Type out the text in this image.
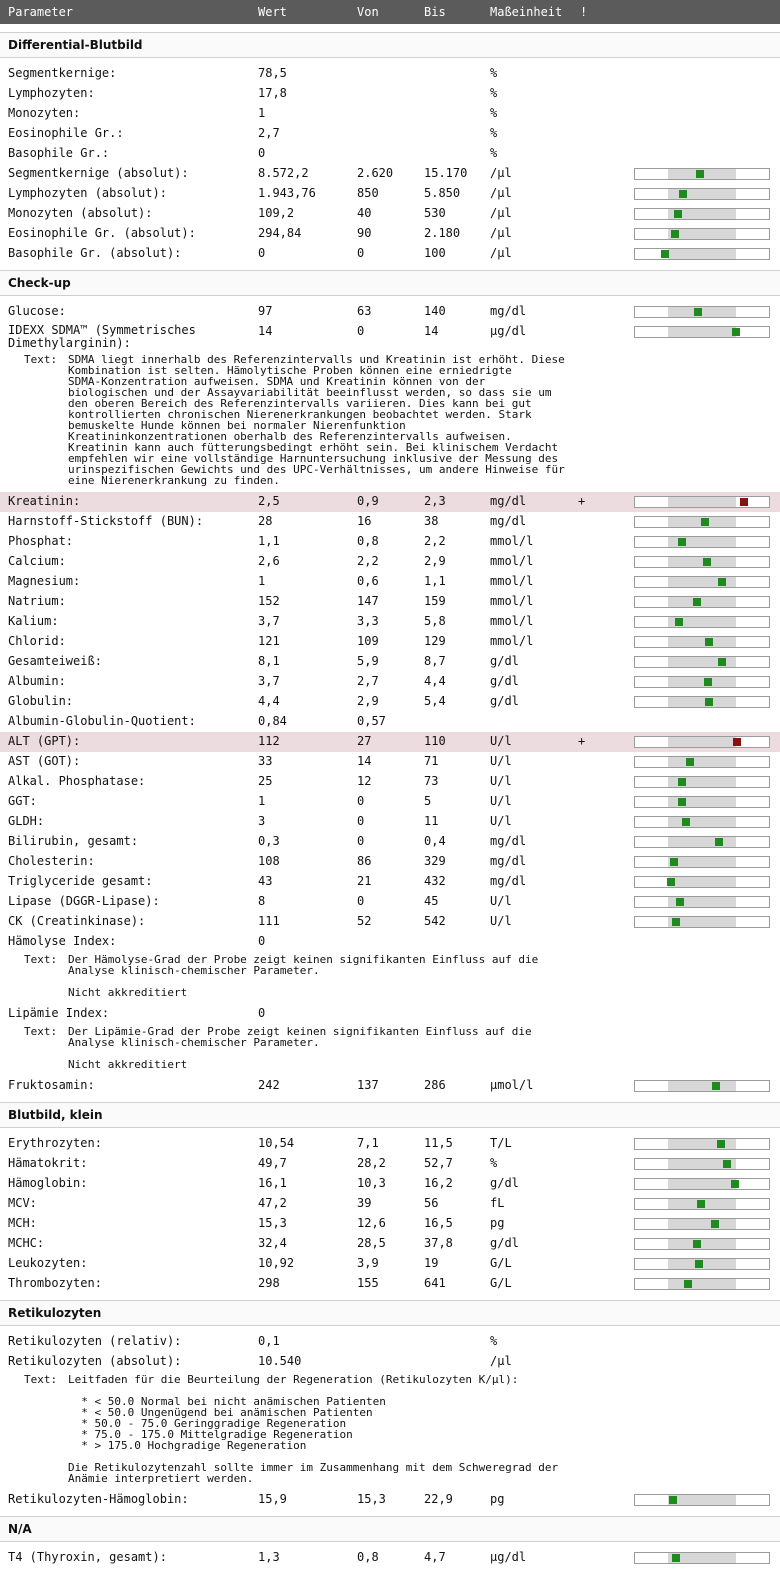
Parameter	Wert	Von	Bis	Maßeinheit !
Differential-Blutbild
Segmentkernige:	78,5	%
Lymphozyten:	17,8	%
Monozyten:	1	%
Eosinophile Gr.:	2,7	%
Basophile Gr.:	0	%
Segmentkernige (absolut):	8.572,2	2.620	15.170 /µl
Lymphozyten (absolut):	1.943,76	850	5.850 /µl
Monozyten (absolut):	109,2	40	530	/µl
Eosinophile Gr. (absolut):	294,84	90	2.180 /µl
Basophile Gr. (absolut):	0	0	100	/µl
Check-up
Glucose:	97	63	140	mg/dl
IDEXX SDMA™ (Symmetrisches
Dimethylarginin):
14	0	14	µg/dl
Text: SDMA liegt innerhalb des Referenzintervalls und Kreatinin ist erhöht. Diese
Kombination ist selten. Hämolytische Proben können eine erniedrigte
SDMA-Konzentration aufweisen. SDMA und Kreatinin können von der
biologischen und der Assayvariabilität beeinflusst werden, so dass sie um
den oberen Bereich des Referenzintervalls variieren. Dies kann bei gut
kontrollierten chronischen Nierenerkrankungen beobachtet werden. Stark
bemuskelte Hunde können bei normaler Nierenfunktion
Kreatininkonzentrationen oberhalb des Referenzintervalls aufweisen.
Kreatinin kann auch fütterungsbedingt erhöht sein. Bei klinischem Verdacht
empfehlen wir eine vollständige Harnuntersuchung inklusive der Messung des
urinspezifischen Gewichts und des UPC-Verhältnisses, um andere Hinweise für
eine Nierenerkrankung zu finden.
Kreatinin:	2,5	0,9	2,3	mg/dl	+
Harnstoff-Stickstoff (BUN):	28	16	38	mg/dl
Phosphat:	1,1	0,8	2,2	mmol/l
Calcium:	2,6	2,2	2,9	mmol/l
Magnesium:	1	0,6	1,1	mmol/l
Natrium:	152	147	159	mmol/l
Kalium:	3,7	3,3	5,8	mmol/l
Chlorid:	121	109	129	mmol/l
Gesamteiweiß:	8,1	5,9	8,7	g/dl
Albumin:	3,7	2,7	4,4	g/dl
Globulin:	4,4	2,9	5,4	g/dl
Albumin-Globulin-Quotient:	0,84	0,57
ALT (GPT):	112	27	110	U/l	+
AST (GOT):	33	14	71	U/l
Alkal. Phosphatase:	25	12	73	U/l
GGT:	1	0	5	U/l
GLDH:	3	0	11	U/l
Bilirubin, gesamt:	0,3	0	0,4	mg/dl
Cholesterin:	108	86	329	mg/dl
Triglyceride gesamt:	43	21	432	mg/dl
Lipase (DGGR-Lipase):	8	0	45	U/l
CK (Creatinkinase):	111	52	542	U/l
Hämolyse Index:	0
Text: Der Hämolyse-Grad der Probe zeigt keinen signifikanten Einfluss auf die
Analyse klinisch-chemischer Parameter.

Nicht akkreditiert
Lipämie Index:	0
Text: Der Lipämie-Grad der Probe zeigt keinen signifikanten Einfluss auf die
Analyse klinisch-chemischer Parameter.

Nicht akkreditiert
Fruktosamin:	242	137	286	µmol/l
Blutbild, klein
Erythrozyten:	10,54	7,1	11,5	T/L
Hämatokrit:	49,7	28,2	52,7	%
Hämoglobin:	16,1	10,3	16,2	g/dl
MCV:	47,2	39	56	fL
MCH:	15,3	12,6	16,5	pg
MCHC:	32,4	28,5	37,8	g/dl
Leukozyten:	10,92	3,9	19	G/L
Thrombozyten:	298	155	641	G/L
Retikulozyten
Retikulozyten (relativ):	0,1	%
Retikulozyten (absolut):	10.540	/µl
Text: Leitfaden für die Beurteilung der Regeneration (Retikulozyten K/µl):

* < 50.0 Normal bei nicht anämischen Patienten
* < 50.0 Ungenügend bei anämischen Patienten
* 50.0 - 75.0 Geringgradige Regeneration
* 75.0 - 175.0 Mittelgradige Regeneration
* > 175.0 Hochgradige Regeneration

Die Retikulozytenzahl sollte immer im Zusammenhang mit dem Schweregrad der
Anämie interpretiert werden.
Retikulozyten-Hämoglobin:	15,9	15,3	22,9	pg
N/A
T4 (Thyroxin, gesamt):	1,3	0,8	4,7	µg/dl
